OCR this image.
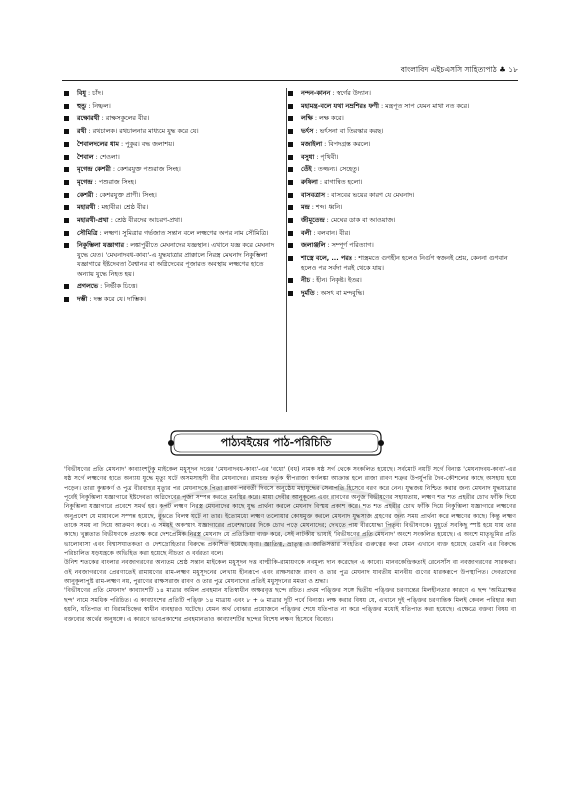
বাংলাবিদ এইচএসসি সাহিত্যপাঠ ♣ ১৮
বিধু : চাঁদ।
হুন্ডু : নিষ্ফল।
রক্ষোরথী : রাক্ষসকুলের বীর।
রথী : রথচালক। রথচালনার মাধ্যমে যুদ্ধ করে যে।
শৈবালদলের ধাম : পুকুর। বদ্ধ জলাশয়।
শৈবাল : শেওলা।
মৃগেন্দ্র কেশরী : কেশরযুক্ত পশুরাজ সিংহ।
মৃগেন্দ্র : পশুরাজ সিংহ।
কেশরী : কেশরযুক্ত প্রাণী। সিংহ।
মহারথী : মহাবীর। শ্রেষ্ঠ বীর।
মহারথী-প্রথা : শ্রেষ্ঠ বীরদের আচরণ-প্রথা।
সৌমিত্রি : লক্ষ্মণ। সুমিত্রার গর্ভজাত সন্তান বলে লক্ষ্মণের অপর নাম সৌমিত্রি।
নিকুম্ভিলা যজ্ঞাগার : লঙ্কাপুরীতে মেঘনাদের যজ্ঞস্থান। এখানে যজ্ঞ করে মেঘনাদ যুদ্ধে যেত। 'মেঘনাদবধ-কাব্য'-এ যুদ্ধযাত্রার প্রাক্কালে নিরস্ত্র মেঘনাদ নিকুম্ভিলা যজ্ঞাগারে ইষ্টদেবতা বৈশ্বানর বা অগ্নিদেবের পূজারত অবস্থায় লক্ষ্মণের হাতে অন্যায় যুদ্ধে নিহত হয়।
প্রগলভে : নির্ভীক চিত্তে।
দম্ভী : দম্ভ করে যে। দাম্ভিক।
নন্দন-কানন : স্বর্গের উদ্যান।
মহামন্ত্র-বলে যথা নম্রশিরঃ ফণী : মন্ত্রপূত সাপ যেমন মাথা নত করে।
লক্ষি : লক্ষ করে।
ভর্ৎস : ভর্ৎসনা বা তিরস্কার করছ।
মজাইলা : বিপদগ্রস্ত করলে।
বসুধা : পৃথিবী।
তেঁই : তজ্জন্য। সেহেতু।
রুষিলা : রাগান্বিত হলো।
বাসবত্রাস : বাসবের ভয়ের কারণ যে মেঘনাদ।
মন্দ্র : শব্দ। ধ্বনি।
জীমূতেন্দ্র : মেঘের ডাক বা আওয়াজ।
বলী : বলবান। বীর।
জলাঞ্জলি : সম্পূর্ণ পরিত্যাগ।
শাস্ত্রে বলে, ... পরঃ : শাস্ত্রমতে গুণহীন হলেও নির্গুণ স্বজনই শ্রেয়, কেননা গুণবান হলেও পর সর্বদা পরই থেকে যায়।
নীচ : হীন। নিকৃষ্ট। ইতর।
দুর্মতি : অসৎ বা মন্দবুদ্ধি।
পাঠ্যবইয়ের পাঠ-পরিচিতি

'বিভীষণের প্রতি মেঘনাদ' কাব্যাংশটুকু মাইকেল মধুসূদন দত্তের 'মেঘনাদবধ-কাব্য'-এর 'বধো' (বধ) নামক ষষ্ঠ সর্গ থেকে সংকলিত হয়েছে। সর্বমোট নয়টি সর্গে বিন্যস্ত 'মেঘনাদবধ-কাব্য'-এর ষষ্ঠ সর্গে লক্ষ্মণের হাতে অন্যায় যুদ্ধে মৃত্যু ঘটে অসমসাহসী বীর মেঘনাদের। রামচন্দ্র কর্তৃক স্বীপরাজ্য স্বর্ণলঙ্কা আক্রান্ত হলে রাজা রাবণ শত্রুর উপর্যুপরি দৈব-কৌশলের কাছে অসহায় হয়ে পড়েন। তারা কুম্ভকর্ণ ও পুত্র বীরবাহুর মৃত্যুর পর মেঘনাদকে পিতা রাবণ পরবর্তী দিবসে অনুষ্ঠেয় মহাযুদ্ধের সেনাপতি হিসেবে বরণ করে নেন। যুদ্ধজয় নিশ্চিত করার জন্য মেঘনাদ যুদ্ধযাত্রার পূর্বেই নিকুম্ভিলা যজ্ঞাগারে ইষ্টদেবতা অগ্নিদেবের পূজা সম্পন্ন করতে মনস্থির করে। মায়া দেবীর আনুকূল্যে এবং রাবণের অনুজ বিভীষণের সহায়তায়, লক্ষ্মণ শত শত প্রহরীর চোখ ফাঁকি দিয়ে নিকুম্ভিলা যজ্ঞাগারে প্রবেশে সমর্থ হয়। কপট লক্ষ্মণ নিরস্ত্র মেঘনাদের কাছে যুদ্ধ প্রার্থনা করলে মেঘনাদ বিস্ময় প্রকাশ করে। শত শত প্রহরীর চোখ ফাঁকি দিয়ে নিকুম্ভিলা যজ্ঞাগারে লক্ষ্মণের অনুপ্রবেশ যে মায়াবলে সম্পন্ন হয়েছে, বুঝতে বিলম্ব ঘটে না তার। ইতোমধ্যে লক্ষ্মণ তলোয়ার কোষমুক্ত করলে মেঘনাদ যুদ্ধসাজ গ্রহণের জন্য সময় প্রার্থনা করে লক্ষ্মণের কাছে। কিন্তু লক্ষ্মণ তাকে সময় না দিয়ে আক্রমণ করে। এ সময়ই অকস্মাৎ যজ্ঞাগারের প্রবেশদ্বারের দিকে চোখ পড়ে মেঘনাদের; দেখতে পায় বীরযোদ্ধা পিতৃব্য বিভীষণকে। মুহূর্তে সবকিছু স্পষ্ট হয়ে যায় তার কাছে। খুল্লতাত বিভীষণকে প্রত্যক্ষ করে দেশপ্রেমিক নিরস্ত্র মেঘনাদ যে প্রতিক্রিয়া ব্যক্ত করে, সেই নাটকীয় ভাষাই 'বিভীষণের প্রতি মেঘনাদ' অংশে সংকলিত হয়েছে। এ অংশে মাতৃভূমির প্রতি ভালোবাসা এবং বিশ্বাসঘাতকতা ও দেশদ্রোহিতার বিরুদ্ধে প্রকাশিত হয়েছে ঘৃণা। জ্ঞাতিত্ব, ভ্রাতৃত্ব ও জাতিসত্তার সংহতির গুরুত্বের কথা যেমন এখানে ব্যক্ত হয়েছে তেমনি এর বিরুদ্ধে পরিচালিত ষড়যন্ত্রকে অভিহিত করা হয়েছে নীচতা ও বর্বরতা বলে।

উনিশ শতকের বাংলার নবজাগরণের অন্যতম শ্রেষ্ঠ সন্তান মাইকেল মধুসূদন দত্ত বাল্মীকি-রামায়ণকে নবমূল্য দান করেছেন এ কাব্যে। মানবকেন্দ্রিকতাই রেনেসাঁস বা নবজাগরণের সারকথা। ওই নবজাগরণের প্রেরণাতেই রামায়ণের রাম-লক্ষ্মণ মধুসূদনের লেখায় হীনরূপে এবং রাক্ষসরাজ রাবণ ও তার পুত্র মেঘনাদ যাবতীয় মানবীয় গুণের ধারকরূপে উপস্থাপিত। দেবতাদের আনুকূল্যপুষ্ট রাম-লক্ষ্মণ নয়, পুরাণের রাক্ষসরাজ রাবণ ও তার পুত্র মেঘনাদের প্রতিই মধুসূদনের মমতা ও শ্রদ্ধা।

'বিভীষণের প্রতি মেঘনাদ' কাব্যাংশটি ১৪ মাত্রার অমিল প্রবহমান যতিস্বাধীন অক্ষরবৃত্ত ছন্দে রচিত। প্রথম পঙ্ক্তির সঙ্গে দ্বিতীয় পঙ্ক্তির চরণান্তের মিলহীনতার কারণে এ ছন্দ 'অমিত্রাক্ষর ছন্দ' নামে সমধিক পরিচিত। এ কাব্যাংশের প্রতিটি পঙ্ক্তি ১৪ মাত্রায় এবং ৮ + ৬ মাত্রার দুটি পর্বে বিন্যস্ত। লক্ষ করার বিষয় যে, এখানে দুই পঙ্ক্তির চরণান্তিক মিলই কেবল পরিহার করা হয়নি, যতিপাত বা বিরামচিহ্নের স্বাধীন ব্যবহারও ঘটেছে। যেমন অর্থ বোঝার প্রয়োজনে পঙ্ক্তির শেষে যতিপাত না করে পঙ্ক্তির মধ্যেই যতিপাত করা হয়েছে। এক্ষেত্রে বক্তব্য বিষয় বা বক্তব্যের অর্থের অনুষঙ্গে। এ কারণে ভাবপ্রকাশের প্রবহমানতাও কাব্যাংশটির ছন্দের বিশেষ লক্ষণ হিসেবে বিবেচ্য।
